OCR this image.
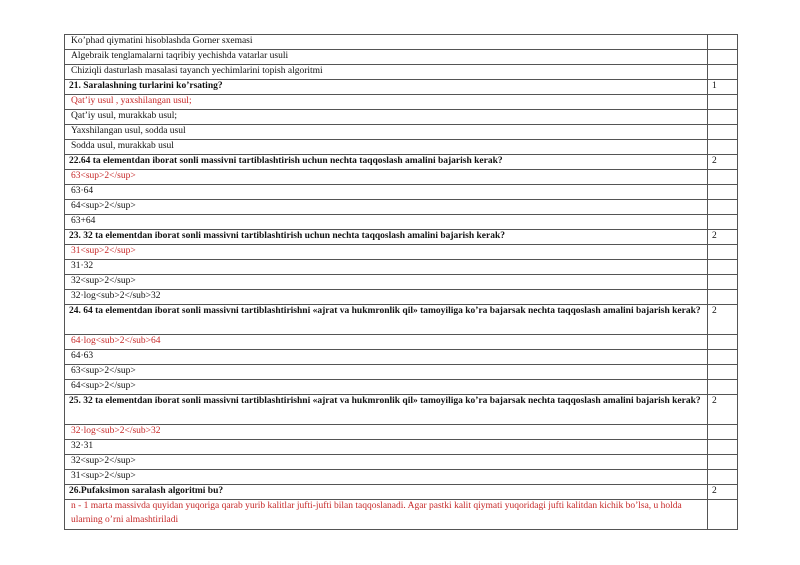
Ko’phad qiymatini hisoblashda Gorner sxemasi	
Algebraik tenglamalarni taqribiy yechishda vatarlar usuli	
Chiziqli dasturlash masalasi tayanch yechimlarini topish algoritmi	
21. Saralashning turlarini ko’rsating?	1
Qat’iy usul , yaxshilangan usul;	
Qat’iy usul, murakkab usul;	
Yaxshilangan usul, sodda usul	
Sodda usul, murakkab usul	
22.64 ta elementdan iborat sonli massivni tartiblashtirish uchun nechta taqqoslash amalini bajarish kerak?	2
63<sup>2</sup>	
63·64	
64<sup>2</sup>	
63+64	
23. 32 ta elementdan iborat sonli massivni tartiblashtirish uchun nechta taqqoslash amalini bajarish kerak?	2
31<sup>2</sup>	
31·32	
32<sup>2</sup>	
32·log<sub>2</sub>32	
24. 64 ta elementdan iborat sonli massivni tartiblashtirishni «ajrat va hukmronlik qil» tamoyiliga ko’ra bajarsak nechta taqqoslash amalini bajarish kerak?	2
64·log<sub>2</sub>64	
64·63	
63<sup>2</sup>	
64<sup>2</sup>	
25. 32 ta elementdan iborat sonli massivni tartiblashtirishni «ajrat va hukmronlik qil» tamoyiliga ko’ra bajarsak nechta taqqoslash amalini bajarish kerak?	2
32·log<sub>2</sub>32	
32·31	
32<sup>2</sup>	
31<sup>2</sup>	
26.Pufaksimon saralash algoritmi bu?	2
n - 1 marta massivda quyidan yuqoriga qarab yurib kalitlar jufti-jufti bilan taqqoslanadi. Agar pastki kalit qiymati yuqoridagi jufti kalitdan kichik bo’lsa, u holda ularning o’rni almashtiriladi	
